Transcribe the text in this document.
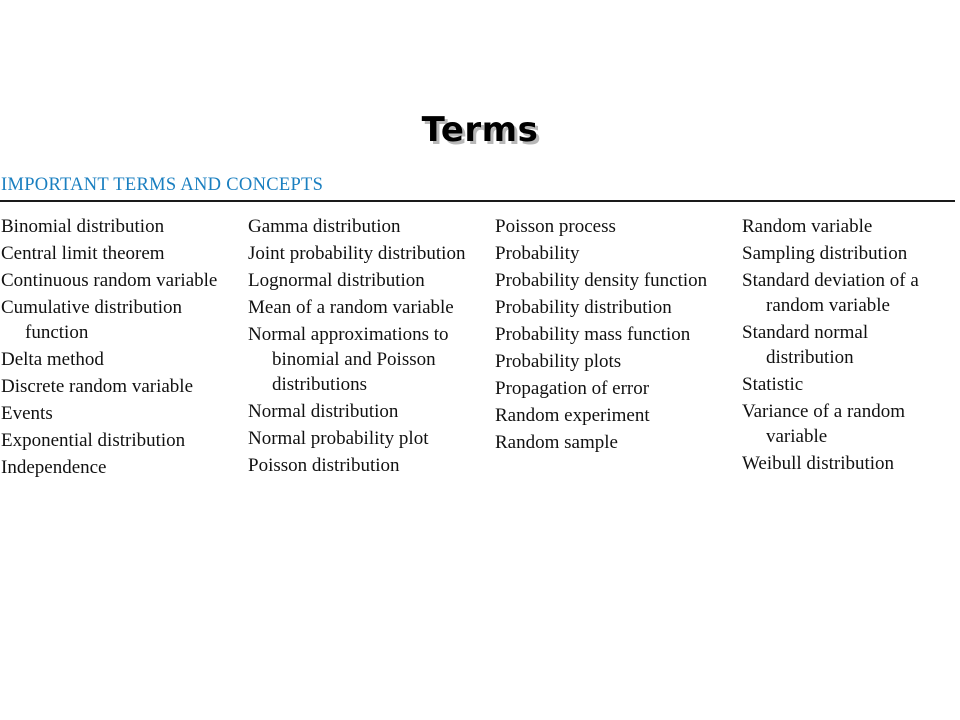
Terms
IMPORTANT TERMS AND CONCEPTS
Binomial distribution
Central limit theorem
Continuous random variable
Cumulative distribution function
Delta method
Discrete random variable
Events
Exponential distribution
Independence
Gamma distribution
Joint probability distribution
Lognormal distribution
Mean of a random variable
Normal approximations to binomial and Poisson distributions
Normal distribution
Normal probability plot
Poisson distribution
Poisson process
Probability
Probability density function
Probability distribution
Probability mass function
Probability plots
Propagation of error
Random experiment
Random sample
Random variable
Sampling distribution
Standard deviation of a random variable
Standard normal distribution
Statistic
Variance of a random variable
Weibull distribution
